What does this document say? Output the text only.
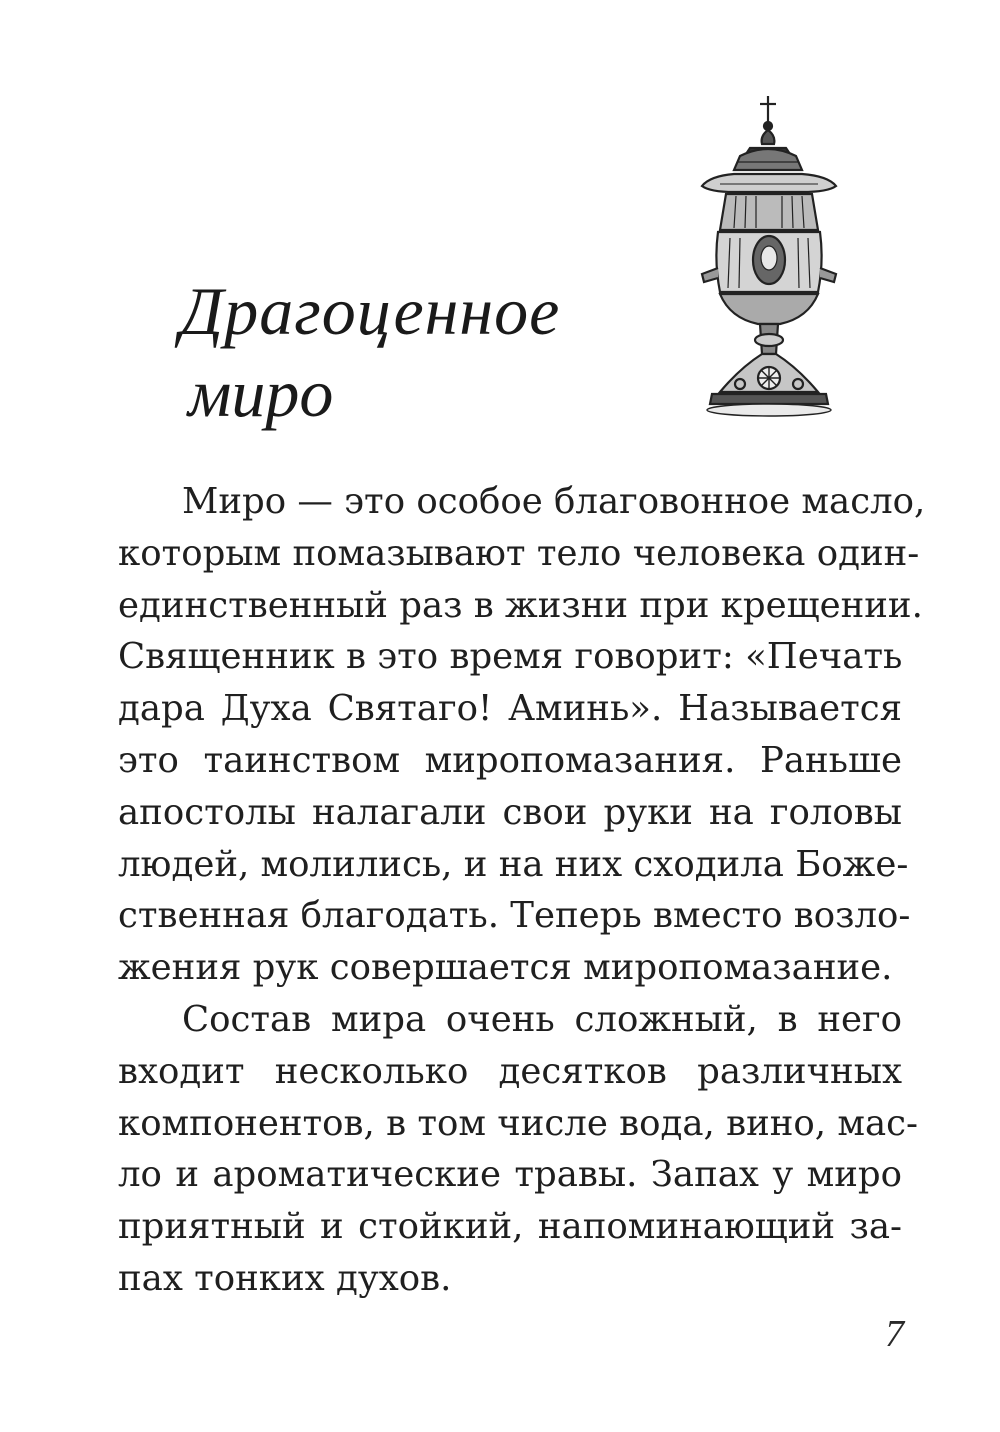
Драгоценное
миро
Миро — это особое благовонное масло,
которым помазывают тело человека один-
единственный раз в жизни при крещении.
Священник в это время говорит: «Печать
дара Духа Святаго! Аминь». Называется
это таинством миропомазания. Раньше
апостолы налагали свои руки на головы
людей, молились, и на них сходила Боже-
ственная благодать. Теперь вместо возло-
жения рук совершается миропомазание.
Состав мира очень сложный, в него
входит несколько десятков различных
компонентов, в том числе вода, вино, мас-
ло и ароматические травы. Запах у миро
приятный и стойкий, напоминающий за-
пах тонких духов.
7
